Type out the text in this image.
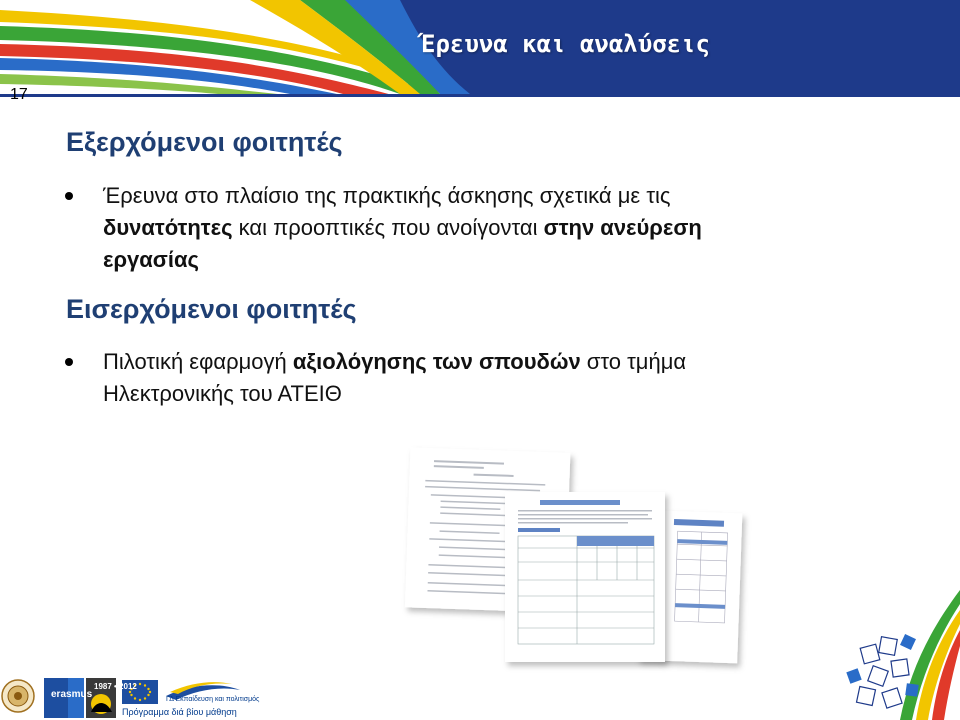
17
Έρευνα και αναλύσεις
Εξερχόμενοι φοιτητές
Έρευνα στο πλαίσιο της πρακτικής άσκησης σχετικά με τις δυνατότητες και προοπτικές που ανοίγονται στην ανεύρεση εργασίας
Εισερχόμενοι φοιτητές
Πιλοτική εφαρμογή αξιολόγησης των σπουδών στο τμήμα Ηλεκτρονικής του ΑΤΕΙΘ
erasmus
1987 • 2012
ΓΔ Εκπαίδευση και πολιτισμός
Πρόγραμμα διά βίου μάθηση
